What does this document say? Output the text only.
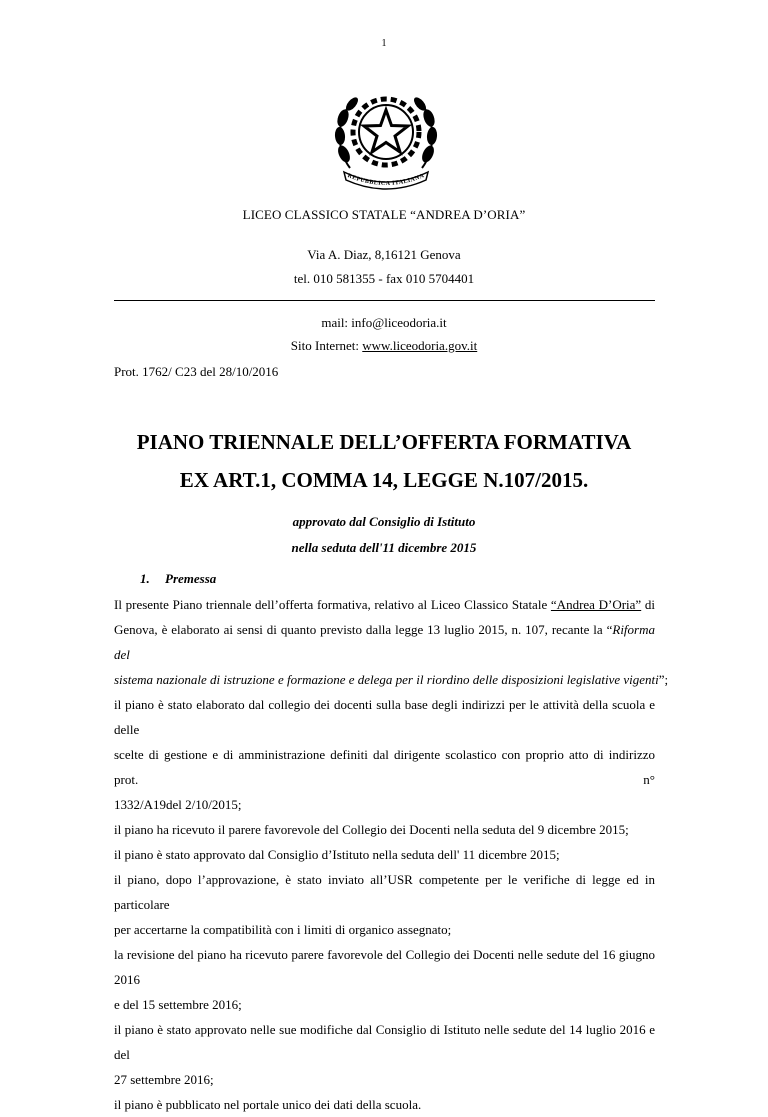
1
REPUBBLICA ITALIANA
LICEO CLASSICO STATALE “ANDREA D’ORIA”
Via A. Diaz, 8,16121 Genova
tel. 010 581355 - fax 010 5704401
mail: info@liceodoria.it
Sito Internet: www.liceodoria.gov.it
Prot. 1762/ C23 del 28/10/2016
PIANO TRIENNALE DELL’OFFERTA FORMATIVA
EX ART.1, COMMA 14, LEGGE N.107/2015.
approvato dal Consiglio di Istituto
nella seduta dell'11 dicembre 2015
1. Premessa
Il presente Piano triennale dell’offerta formativa, relativo al Liceo Classico Statale “Andrea D’Oria” di
Genova, è elaborato ai sensi di quanto previsto dalla legge 13 luglio 2015, n. 107, recante la “Riforma del
sistema nazionale di istruzione e formazione e delega per il riordino delle disposizioni legislative vigenti”;
il piano è stato elaborato dal collegio dei docenti sulla base degli indirizzi per le attività della scuola e delle
scelte di gestione e di amministrazione definiti dal dirigente scolastico con proprio atto di indirizzo prot. n°
1332/A19del 2/10/2015;
il piano ha ricevuto il parere favorevole del Collegio dei Docenti nella seduta del 9 dicembre 2015;
il piano è stato approvato dal Consiglio d’Istituto nella seduta dell' 11 dicembre 2015;
il piano, dopo l’approvazione, è stato inviato all’USR competente per le verifiche di legge ed in particolare
per accertarne la compatibilità con i limiti di organico assegnato;
la revisione del piano ha ricevuto parere favorevole del Collegio dei Docenti nelle sedute del 16 giugno 2016
e del 15 settembre 2016;
il piano è stato approvato nelle sue modifiche dal Consiglio di Istituto nelle sedute del 14 luglio 2016 e del
27 settembre 2016;
il piano è pubblicato nel portale unico dei dati della scuola.
